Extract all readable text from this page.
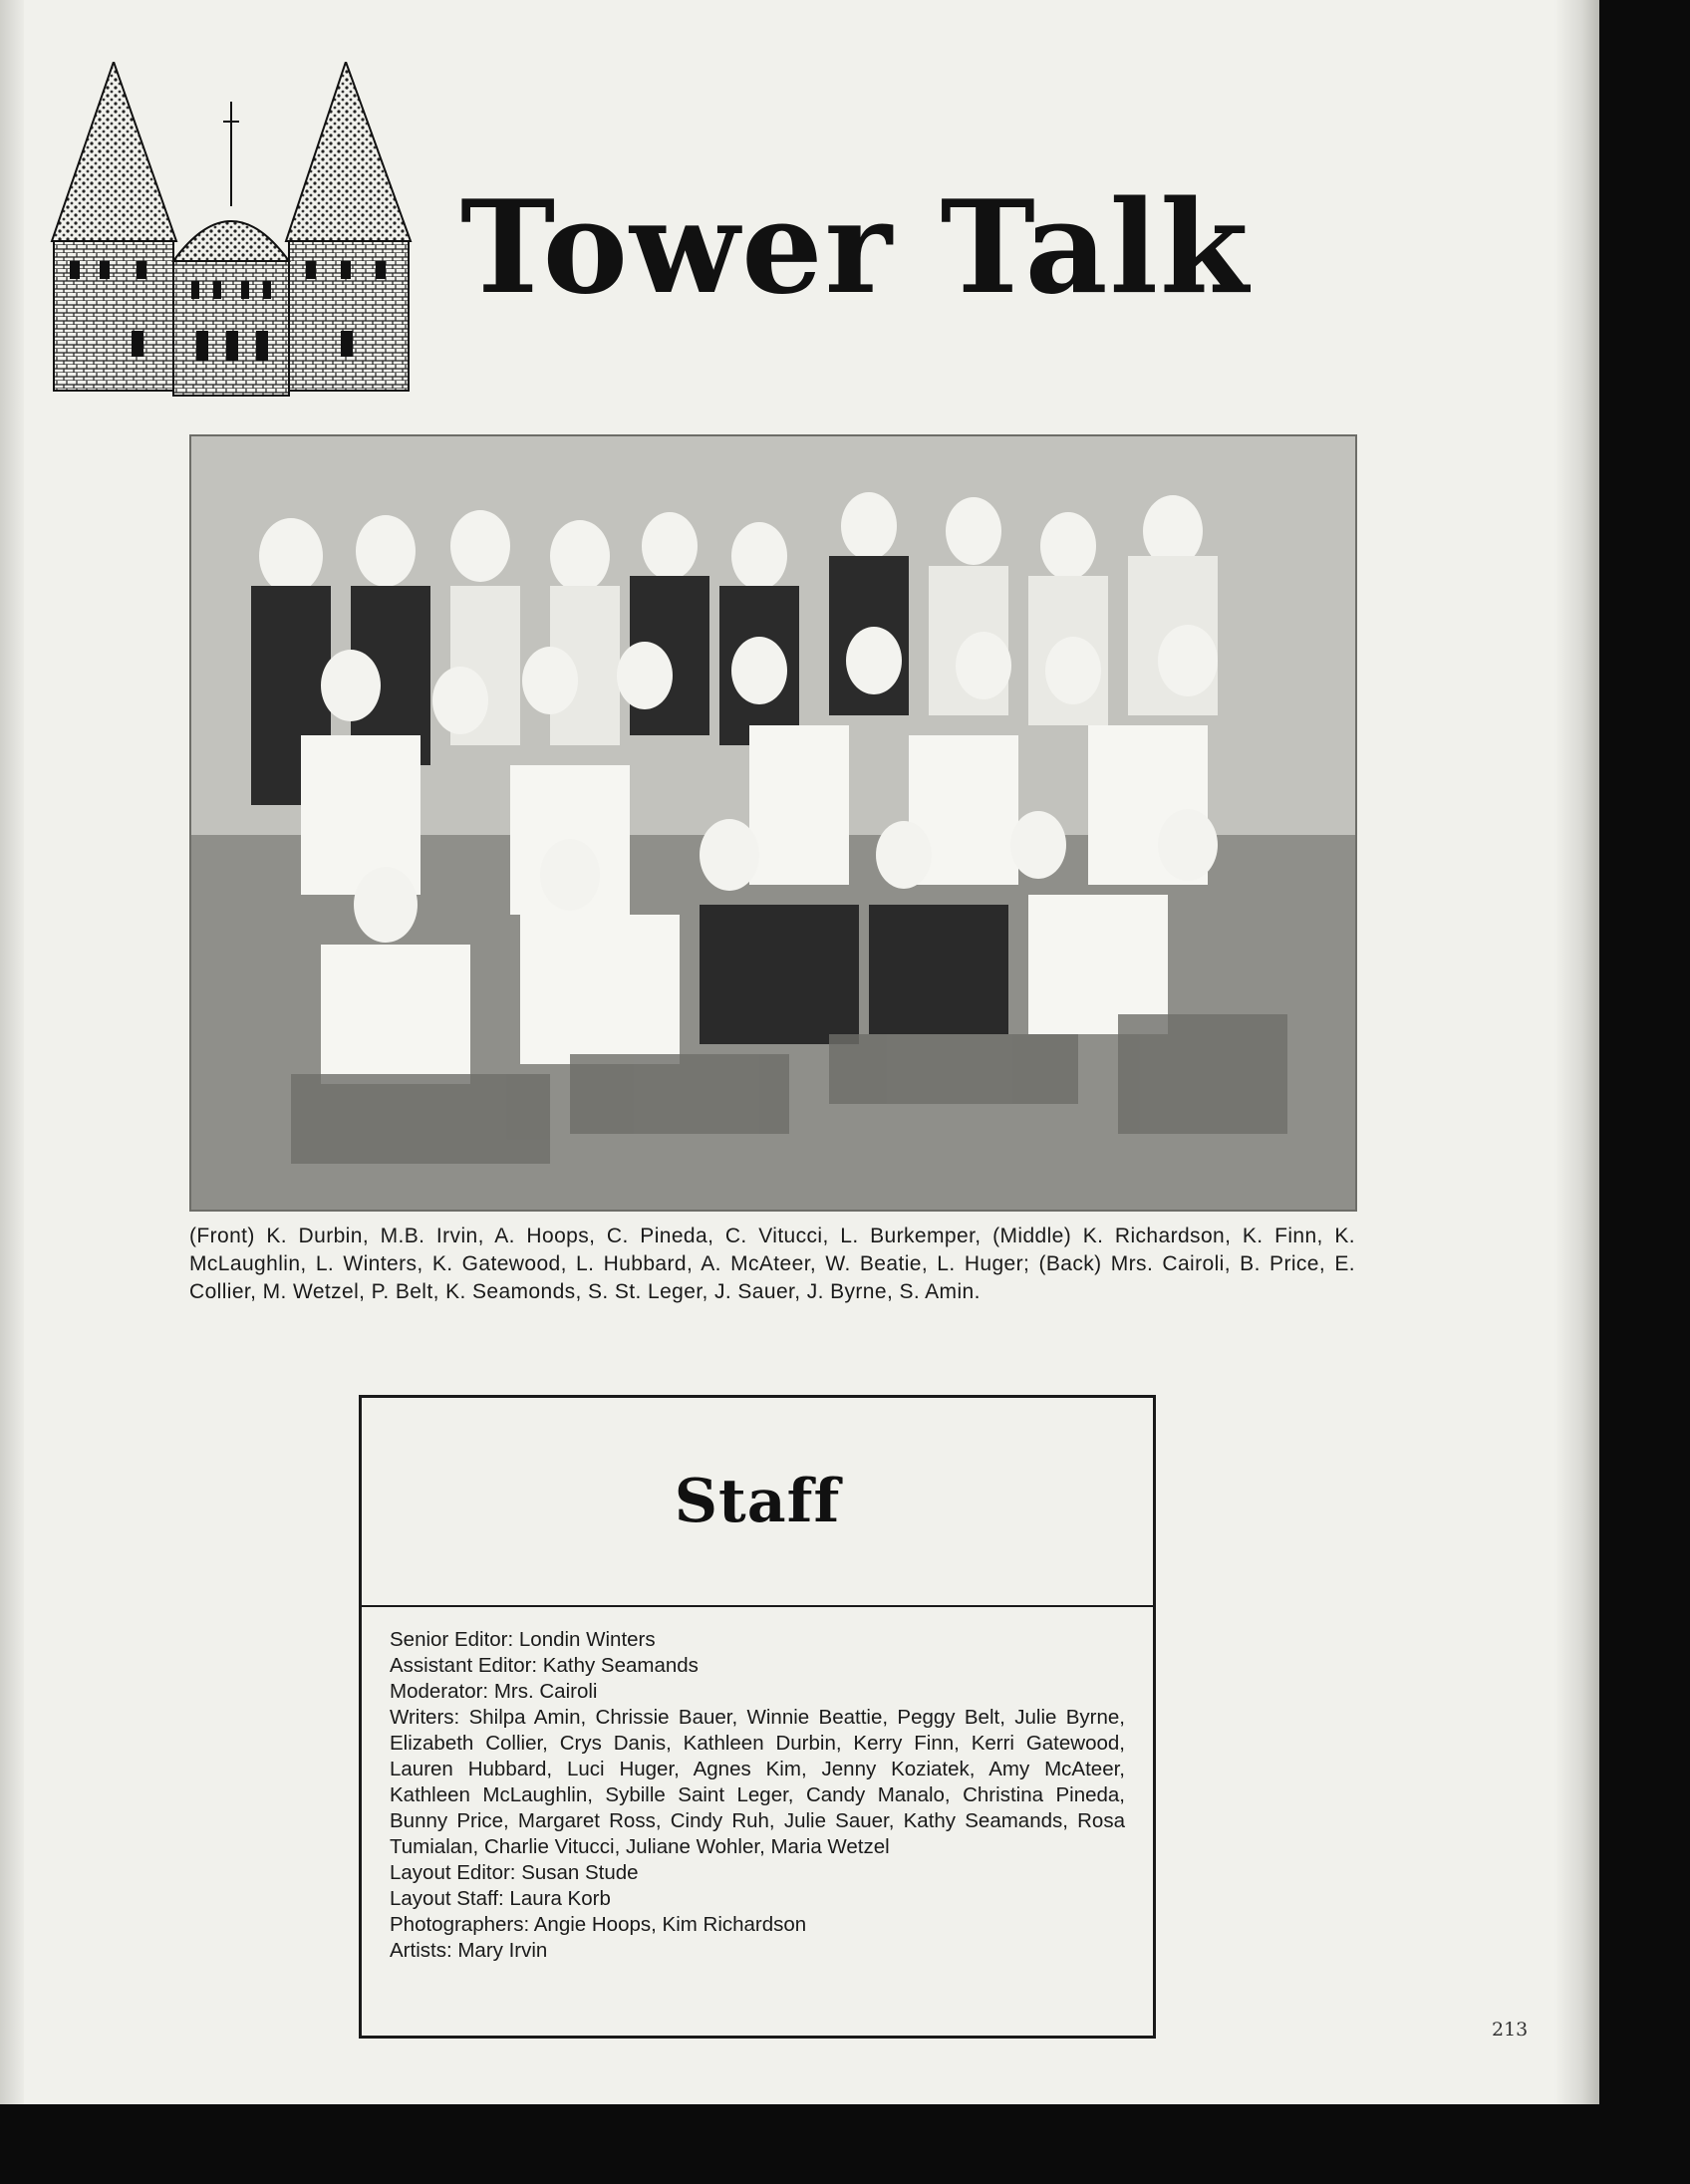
Tower Talk

(Front) K. Durbin, M.B. Irvin, A. Hoops, C. Pineda, C. Vitucci, L. Burkemper, (Middle) K. Richardson, K. Finn, K. McLaughlin, L. Winters, K. Gatewood, L. Hubbard, A. McAteer, W. Beatie, L. Huger; (Back) Mrs. Cairoli, B. Price, E. Collier, M. Wetzel, P. Belt, K. Seamonds, S. St. Leger, J. Sauer, J. Byrne, S. Amin.

Staff

Senior Editor: Londin Winters

Assistant Editor: Kathy Seamands

Moderator: Mrs. Cairoli

Writers: Shilpa Amin, Chrissie Bauer, Winnie Beattie, Peggy Belt, Julie Byrne, Elizabeth Collier, Crys Danis, Kathleen Durbin, Kerry Finn, Kerri Gatewood, Lauren Hubbard, Luci Huger, Agnes Kim, Jenny Koziatek, Amy McAteer, Kathleen McLaughlin, Sybille Saint Leger, Candy Manalo, Christina Pineda, Bunny Price, Margaret Ross, Cindy Ruh, Julie Sauer, Kathy Seamands, Rosa Tumialan, Charlie Vitucci, Juliane Wohler, Maria Wetzel

Layout Editor: Susan Stude

Layout Staff: Laura Korb

Photographers: Angie Hoops, Kim Richardson

Artists: Mary Irvin

213
